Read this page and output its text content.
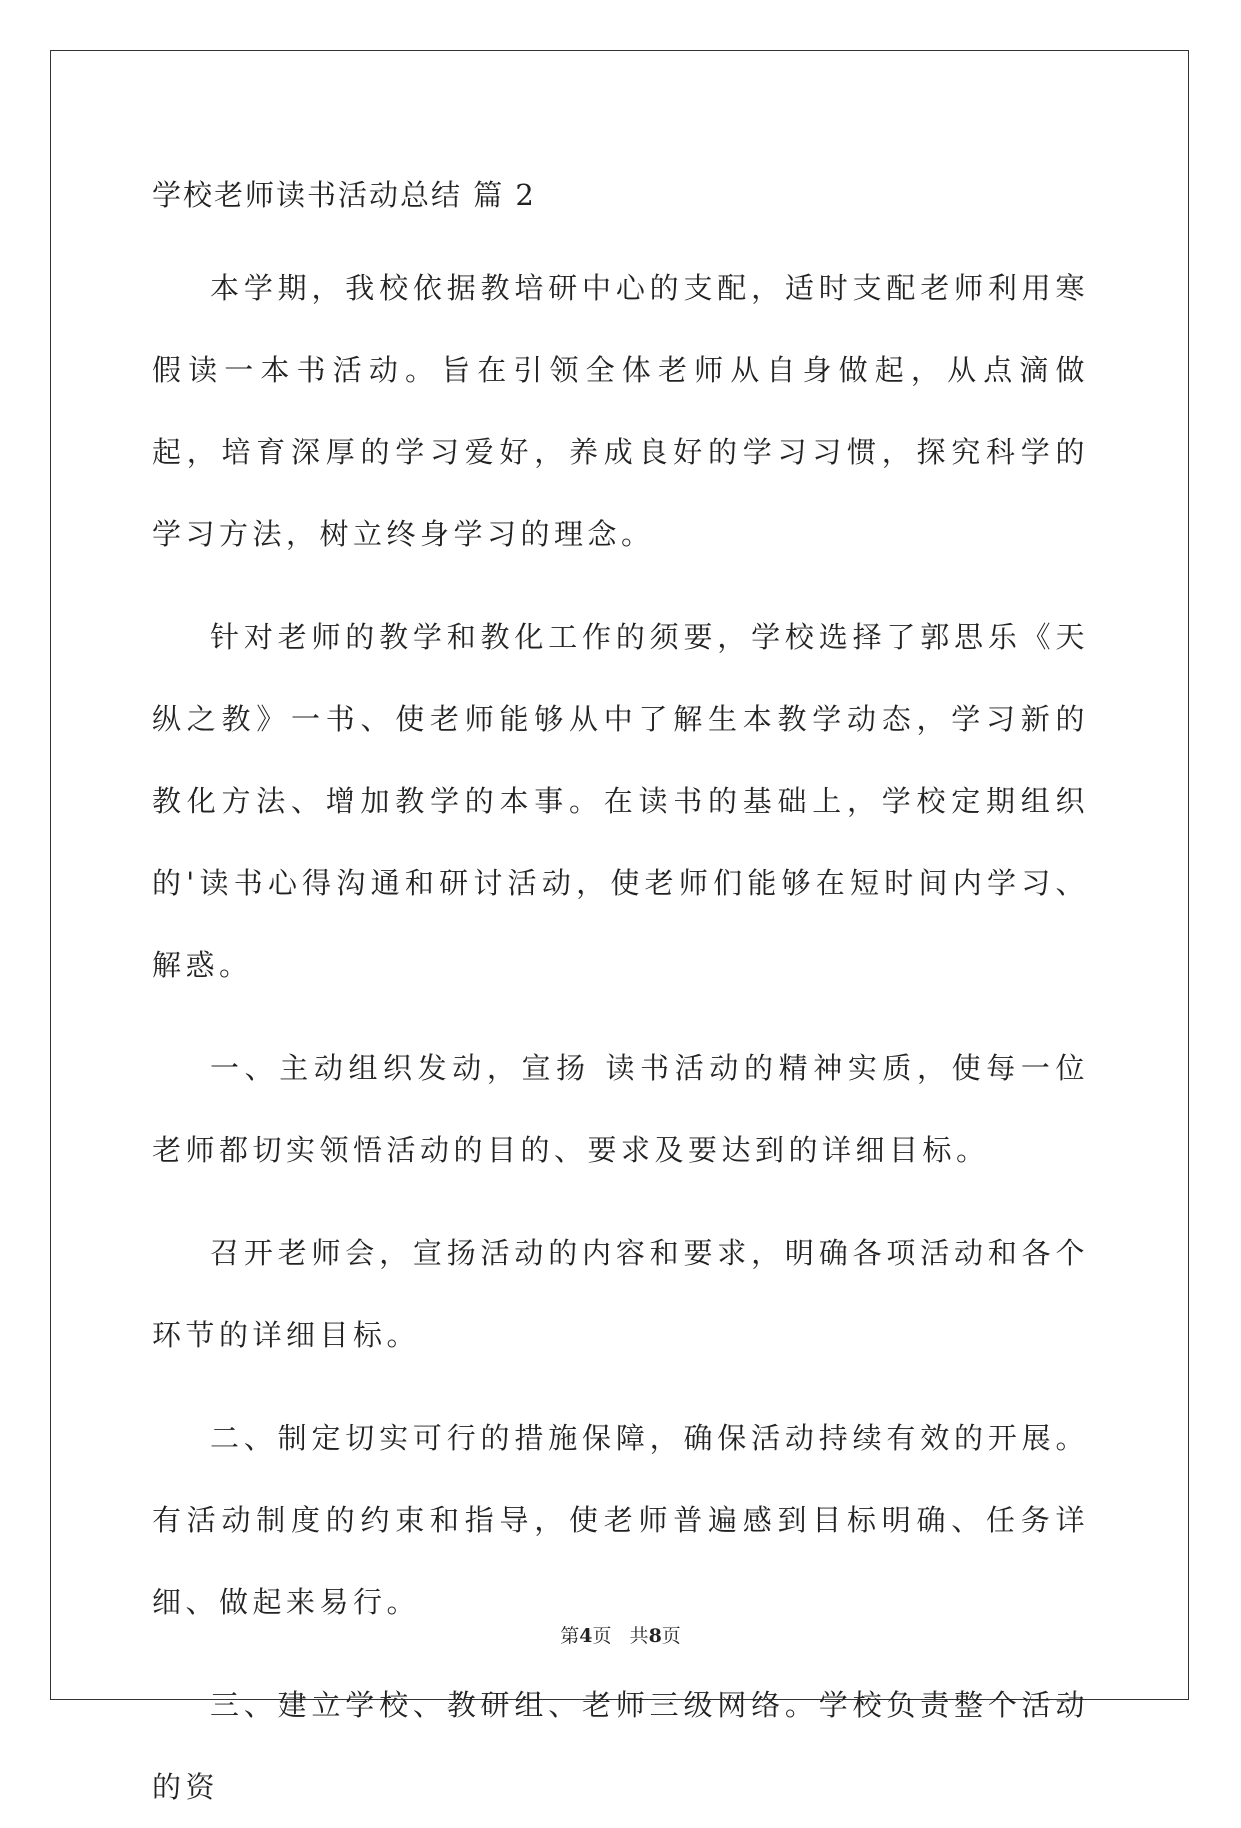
学校老师读书活动总结 篇 2

本学期，我校依据教培研中心的支配，适时支配老师利用寒假读一本书活动。旨在引领全体老师从自身做起，从点滴做起，培育深厚的学习爱好，养成良好的学习习惯，探究科学的学习方法，树立终身学习的理念。

针对老师的教学和教化工作的须要，学校选择了郭思乐《天纵之教》一书、使老师能够从中了解生本教学动态，学习新的教化方法、增加教学的本事。在读书的基础上，学校定期组织的'读书心得沟通和研讨活动，使老师们能够在短时间内学习、解惑。

一、主动组织发动，宣扬 读书活动的精神实质，使每一位老师都切实领悟活动的目的、要求及要达到的详细目标。

召开老师会，宣扬活动的内容和要求，明确各项活动和各个环节的详细目标。

二、制定切实可行的措施保障，确保活动持续有效的开展。有活动制度的约束和指导，使老师普遍感到目标明确、任务详细、做起来易行。

三、建立学校、教研组、老师三级网络。学校负责整个活动的资

第4页   共8页
